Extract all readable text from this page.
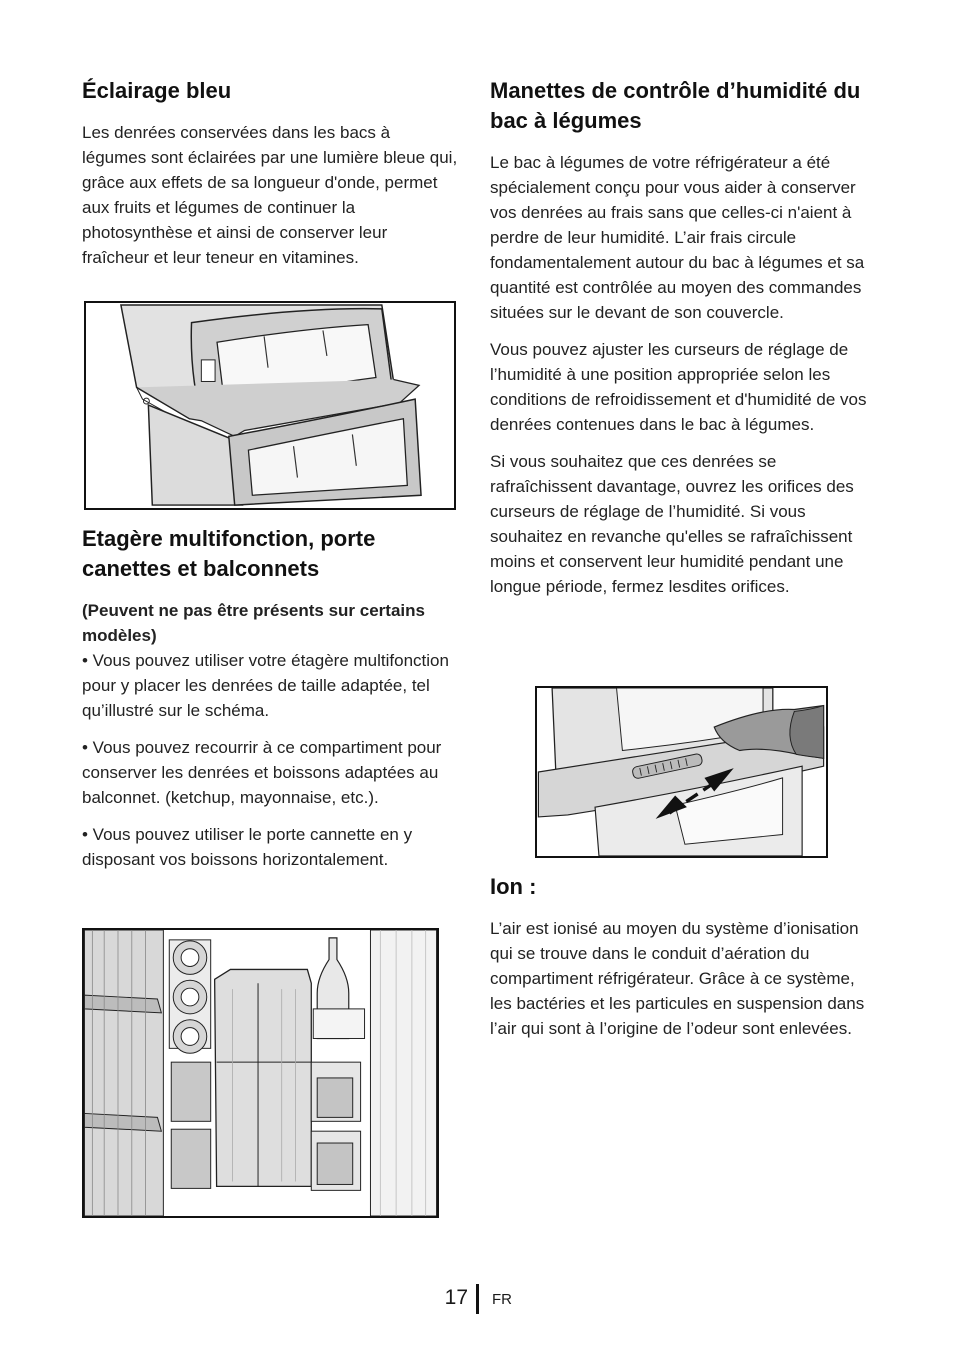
Éclairage bleu

Les denrées conservées dans les bacs à légumes sont éclairées par une lumière bleue qui, grâce aux effets de sa longueur d'onde, permet aux fruits et légumes de continuer la photosynthèse et ainsi de conserver leur fraîcheur et leur teneur en vitamines.

Etagère multifonction, porte canettes et balconnets

(Peuvent ne pas être présents sur certains modèles)

• Vous pouvez utiliser votre étagère multifonction pour y placer les denrées de taille adaptée, tel qu’illustré sur le schéma.

• Vous pouvez recourrir à ce compartiment pour conserver les denrées et boissons adaptées au balconnet. (ketchup, mayonnaise, etc.).

• Vous pouvez utiliser le porte cannette en y disposant vos boissons horizontalement.

Manettes de contrôle d’humidité du bac à légumes

Le bac à légumes de votre réfrigérateur a été spécialement conçu pour vous aider à conserver vos denrées au frais sans que celles-ci n'aient à perdre de leur humidité. L’air frais circule fondamentalement autour du bac à légumes et sa quantité est contrôlée au moyen des commandes situées sur le devant de son couvercle.

Vous pouvez ajuster les curseurs de réglage de l’humidité à une position appropriée selon les conditions de refroidissement et d'humidité de vos denrées contenues dans le bac à légumes.

Si vous souhaitez que ces denrées se rafraîchissent davantage, ouvrez les orifices des curseurs de réglage de l’humidité. Si vous souhaitez en revanche qu'elles se rafraîchissent moins et conservent leur humidité pendant une longue période, fermez lesdites orifices.

Ion :

L’air est ionisé au moyen du système d’ionisation qui se trouve dans le conduit d’aération du compartiment réfrigérateur. Grâce à ce système, les bactéries et les particules en suspension dans l’air qui sont à l’origine de l’odeur sont enlevées.

17 FR
